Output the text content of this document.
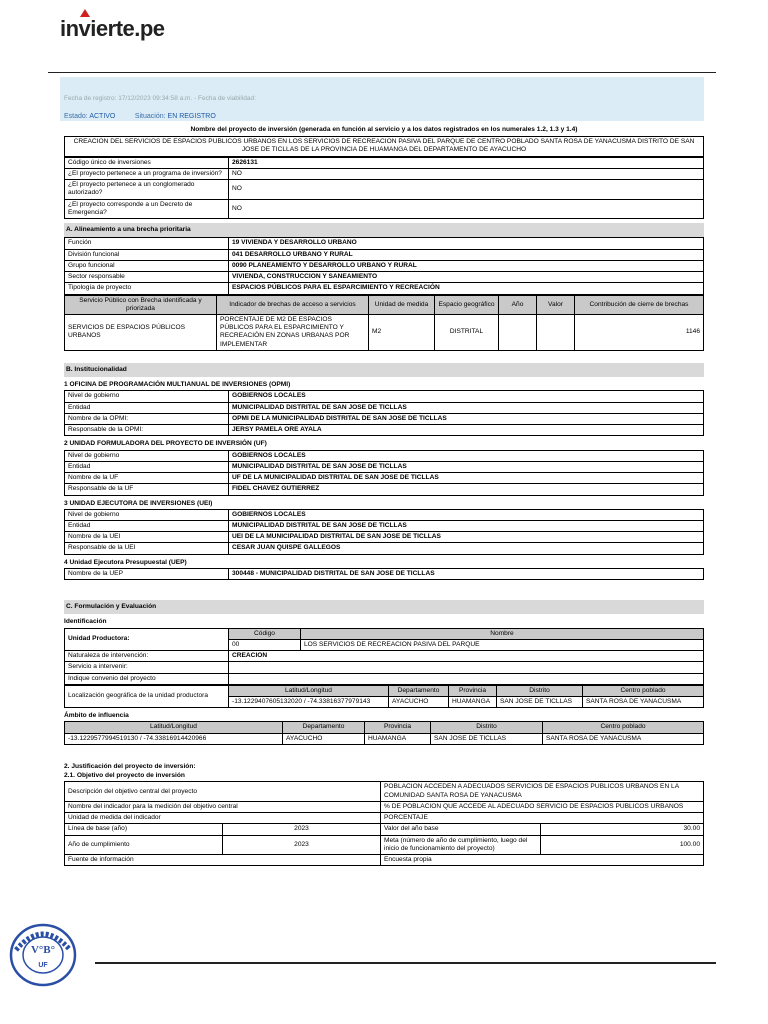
invierte.pe
Fecha de registro: 17/12/2023 09:34:58 a.m. - Fecha de viabilidad:
Estado: ACTIVO	Situación: EN REGISTRO
Nombre del proyecto de inversión (generada en función al servicio y a los datos registrados en los numerales 1.2, 1.3 y 1.4)
CREACION DEL SERVICIOS DE ESPACIOS PUBLICOS URBANOS EN LOS SERVICIOS DE RECREACION PASIVA DEL PARQUE DE CENTRO POBLADO SANTA ROSA DE YANACUSMA DISTRITO DE SAN JOSE DE TICLLAS DE LA PROVINCIA DE HUAMANGA DEL DEPARTAMENTO DE AYACUCHO
Código único de inversiones	2626131
¿El proyecto pertenece a un programa de inversión?	NO
¿El proyecto pertenece a un conglomerado autorizado?	NO
¿El proyecto corresponde a un Decreto de Emergencia?	NO
A. Alineamiento a una brecha prioritaria
Función	19 VIVIENDA Y DESARROLLO URBANO
División funcional	041 DESARROLLO URBANO Y RURAL
Grupo funcional	0090 PLANEAMIENTO Y DESARROLLO URBANO Y RURAL
Sector responsable	VIVIENDA, CONSTRUCCION Y SANEAMIENTO
Tipología de proyecto	ESPACIOS PÚBLICOS PARA EL ESPARCIMIENTO Y RECREACIÓN
Servicio Público con Brecha identificada y priorizada	Indicador de brechas de acceso a servicios	Unidad de medida	Espacio geográfico	Año	Valor	Contribución de cierre de brechas
SERVICIOS DE ESPACIOS PÚBLICOS URBANOS	PORCENTAJE DE M2 DE ESPACIOS PÚBLICOS PARA EL ESPARCIMIENTO Y RECREACIÓN EN ZONAS URBANAS POR IMPLEMENTAR	M2	DISTRITAL			1146
B. Institucionalidad
1 OFICINA DE PROGRAMACIÓN MULTIANUAL DE INVERSIONES (OPMI)
Nivel de gobierno	GOBIERNOS LOCALES
Entidad	MUNICIPALIDAD DISTRITAL DE SAN JOSE DE TICLLAS
Nombre de la OPMI:	OPMI DE LA MUNICIPALIDAD DISTRITAL DE SAN JOSE DE TICLLAS
Responsable de la OPMI:	JERSY PAMELA ORE AYALA
2 UNIDAD FORMULADORA DEL PROYECTO DE INVERSIÓN (UF)
Nivel de gobierno	GOBIERNOS LOCALES
Entidad	MUNICIPALIDAD DISTRITAL DE SAN JOSE DE TICLLAS
Nombre de la UF	UF DE LA MUNICIPALIDAD DISTRITAL DE SAN JOSE DE TICLLAS
Responsable de la UF	FIDEL CHAVEZ GUTIERREZ
3 UNIDAD EJECUTORA DE INVERSIONES (UEI)
Nivel de gobierno	GOBIERNOS LOCALES
Entidad	MUNICIPALIDAD DISTRITAL DE SAN JOSE DE TICLLAS
Nombre de la UEI	UEI DE LA MUNICIPALIDAD DISTRITAL DE SAN JOSE DE TICLLAS
Responsable de la UEI	CESAR JUAN QUISPE GALLEGOS
4 Unidad Ejecutora Presupuestal (UEP)
Nombre de la UEP	300448 - MUNICIPALIDAD DISTRITAL DE SAN JOSE DE TICLLAS
C. Formulación y Evaluación
Identificación
Unidad Productora:	Código	Nombre
	00	LOS SERVICIOS DE RECREACION PASIVA DEL PARQUE
Naturaleza de intervención:	CREACION	
Servicio a intervenir:		
Indique convenio del proyecto		
Localización geográfica de la unidad productora	Latitud/Longitud	Departamento	Provincia	Distrito	Centro poblado
	-13.1229407605132020 / -74.33816377979143	AYACUCHO	HUAMANGA	SAN JOSE DE TICLLAS	SANTA ROSA DE YANACUSMA
Ámbito de influencia
Latitud/Longitud	Departamento	Provincia	Distrito	Centro poblado
-13.1229577994519130 / -74.33816914420966	AYACUCHO	HUAMANGA	SAN JOSE DE TICLLAS	SANTA ROSA DE YANACUSMA
2. Justificación del proyecto de inversión:
2.1. Objetivo del proyecto de inversión
Descripción del objetivo central del proyecto		POBLACION ACCEDEN A ADECUADOS SERVICIOS DE ESPACIOS PUBLICOS URBANOS EN LA COMUNIDAD SANTA ROSA DE YANACUSMA	
Nombre del indicador para la medición del objetivo central		% DE POBLACION QUE ACCEDE AL ADECUADO SERVICIO DE ESPACIOS PUBLICOS URBANOS	
Unidad de medida del indicador		PORCENTAJE	
Línea de base (año)	2023	Valor del año base	30.00
Año de cumplimiento	2023	Meta (número de año de cumplimiento, luego del inicio de funcionamiento del proyecto)	100.00
Fuente de información		Encuesta propia	
V°B°
UF
